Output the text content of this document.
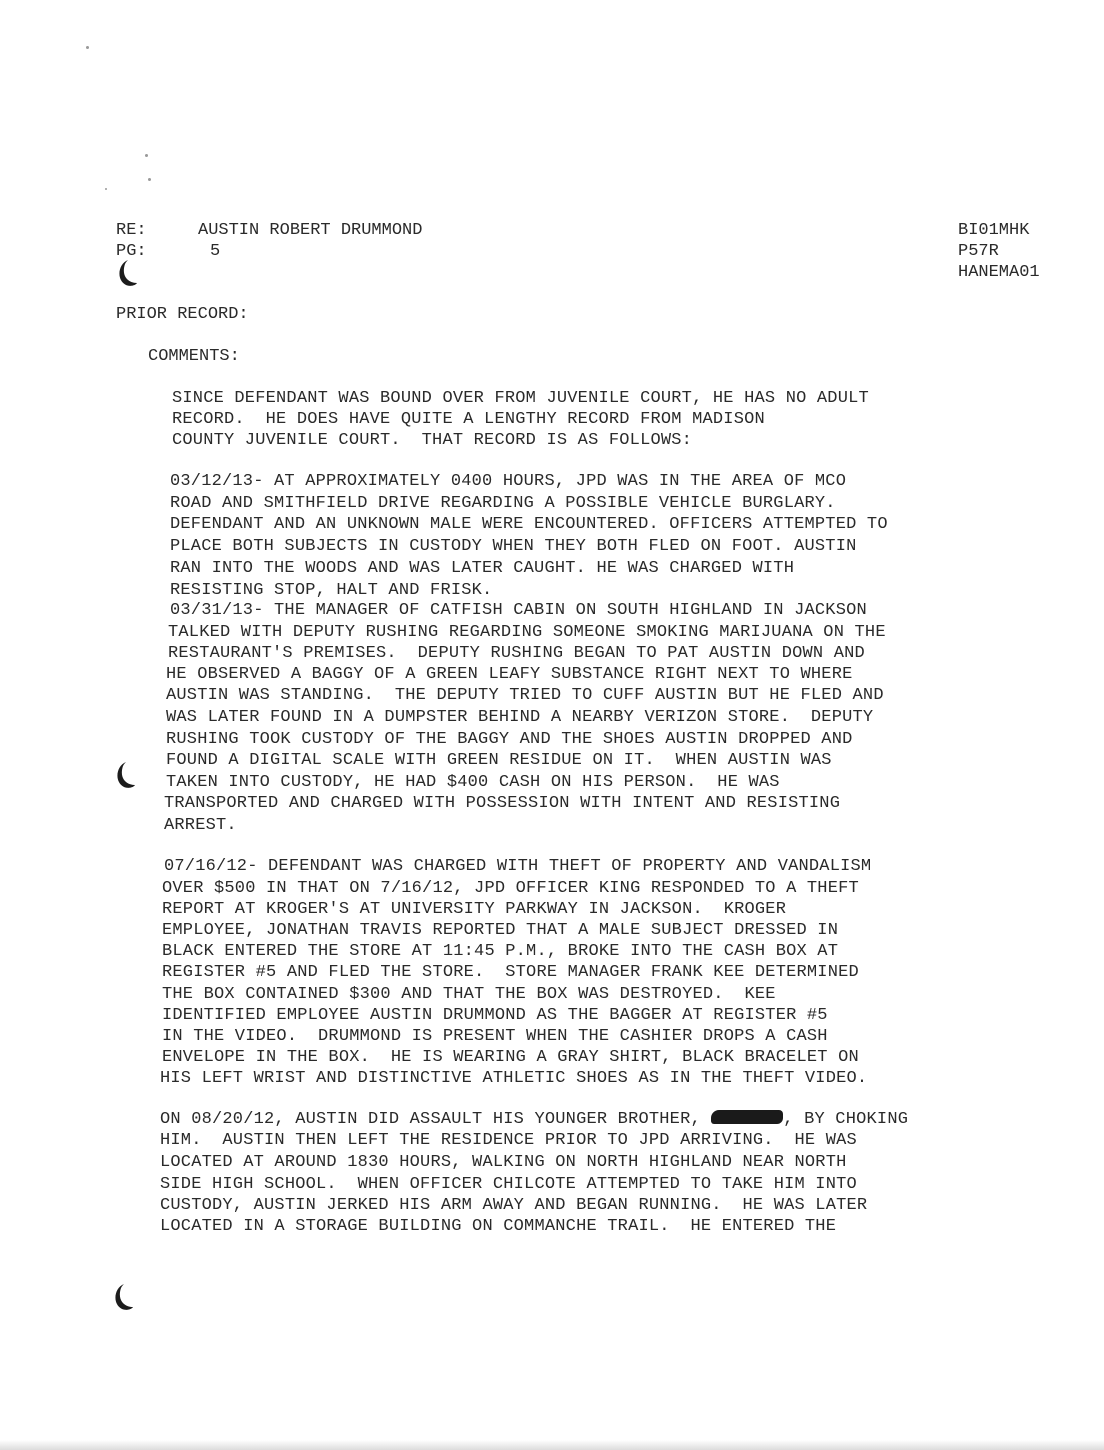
RE:	AUSTIN ROBERT DRUMMOND
PG:	5
BI01MHK
P57R
HANEMA01
PRIOR RECORD:
COMMENTS:
SINCE DEFENDANT WAS BOUND OVER FROM JUVENILE COURT, HE HAS NO ADULT
RECORD.  HE DOES HAVE QUITE A LENGTHY RECORD FROM MADISON
COUNTY JUVENILE COURT.  THAT RECORD IS AS FOLLOWS:
03/12/13- AT APPROXIMATELY 0400 HOURS, JPD WAS IN THE AREA OF MCO
ROAD AND SMITHFIELD DRIVE REGARDING A POSSIBLE VEHICLE BURGLARY.
DEFENDANT AND AN UNKNOWN MALE WERE ENCOUNTERED. OFFICERS ATTEMPTED TO
PLACE BOTH SUBJECTS IN CUSTODY WHEN THEY BOTH FLED ON FOOT. AUSTIN
RAN INTO THE WOODS AND WAS LATER CAUGHT. HE WAS CHARGED WITH
RESISTING STOP, HALT AND FRISK.
03/31/13- THE MANAGER OF CATFISH CABIN ON SOUTH HIGHLAND IN JACKSON
TALKED WITH DEPUTY RUSHING REGARDING SOMEONE SMOKING MARIJUANA ON THE
RESTAURANT'S PREMISES.  DEPUTY RUSHING BEGAN TO PAT AUSTIN DOWN AND
HE OBSERVED A BAGGY OF A GREEN LEAFY SUBSTANCE RIGHT NEXT TO WHERE
AUSTIN WAS STANDING.  THE DEPUTY TRIED TO CUFF AUSTIN BUT HE FLED AND
WAS LATER FOUND IN A DUMPSTER BEHIND A NEARBY VERIZON STORE.  DEPUTY
RUSHING TOOK CUSTODY OF THE BAGGY AND THE SHOES AUSTIN DROPPED AND
FOUND A DIGITAL SCALE WITH GREEN RESIDUE ON IT.  WHEN AUSTIN WAS
TAKEN INTO CUSTODY, HE HAD $400 CASH ON HIS PERSON.  HE WAS
TRANSPORTED AND CHARGED WITH POSSESSION WITH INTENT AND RESISTING
ARREST.
07/16/12- DEFENDANT WAS CHARGED WITH THEFT OF PROPERTY AND VANDALISM
OVER $500 IN THAT ON 7/16/12, JPD OFFICER KING RESPONDED TO A THEFT
REPORT AT KROGER'S AT UNIVERSITY PARKWAY IN JACKSON.  KROGER
EMPLOYEE, JONATHAN TRAVIS REPORTED THAT A MALE SUBJECT DRESSED IN
BLACK ENTERED THE STORE AT 11:45 P.M., BROKE INTO THE CASH BOX AT
REGISTER #5 AND FLED THE STORE.  STORE MANAGER FRANK KEE DETERMINED
THE BOX CONTAINED $300 AND THAT THE BOX WAS DESTROYED.  KEE
IDENTIFIED EMPLOYEE AUSTIN DRUMMOND AS THE BAGGER AT REGISTER #5
IN THE VIDEO.  DRUMMOND IS PRESENT WHEN THE CASHIER DROPS A CASH
ENVELOPE IN THE BOX.  HE IS WEARING A GRAY SHIRT, BLACK BRACELET ON
HIS LEFT WRIST AND DISTINCTIVE ATHLETIC SHOES AS IN THE THEFT VIDEO.
ON 08/20/12, AUSTIN DID ASSAULT HIS YOUNGER BROTHER,	, BY CHOKING
HIM.  AUSTIN THEN LEFT THE RESIDENCE PRIOR TO JPD ARRIVING.  HE WAS
LOCATED AT AROUND 1830 HOURS, WALKING ON NORTH HIGHLAND NEAR NORTH
SIDE HIGH SCHOOL.  WHEN OFFICER CHILCOTE ATTEMPTED TO TAKE HIM INTO
CUSTODY, AUSTIN JERKED HIS ARM AWAY AND BEGAN RUNNING.  HE WAS LATER
LOCATED IN A STORAGE BUILDING ON COMMANCHE TRAIL.  HE ENTERED THE
